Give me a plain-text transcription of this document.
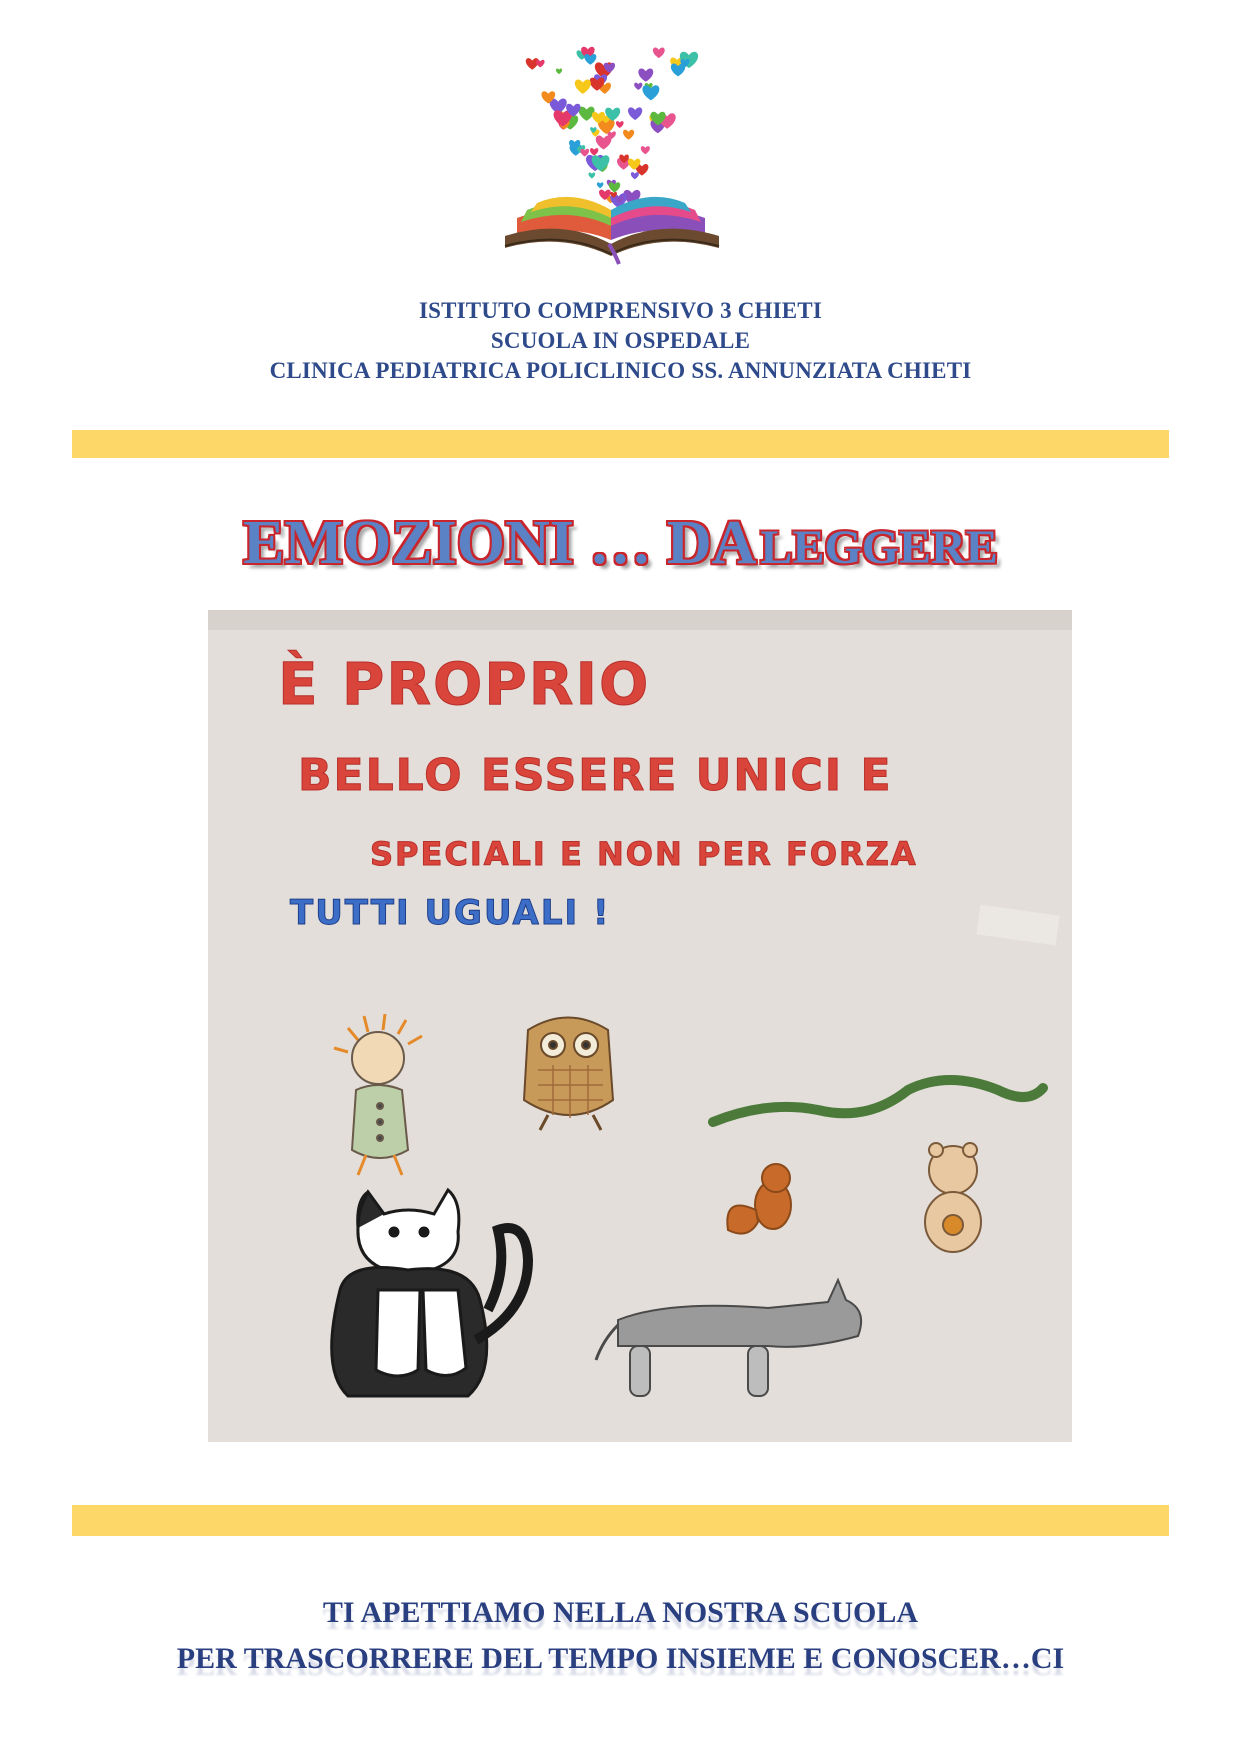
ISTITUTO COMPRENSIVO 3 CHIETI
SCUOLA IN OSPEDALE
CLINICA PEDIATRICA POLICLINICO SS. ANNUNZIATA CHIETI
EMOZIONI … DA LEGGERE
È PROPRIO
BELLO ESSERE UNICI E
SPECIALI E NON PER FORZA
TUTTI UGUALI !
TI APETTIAMO NELLA NOSTRA SCUOLA
PER TRASCORRERE DEL TEMPO INSIEME E CONOSCER…CI
